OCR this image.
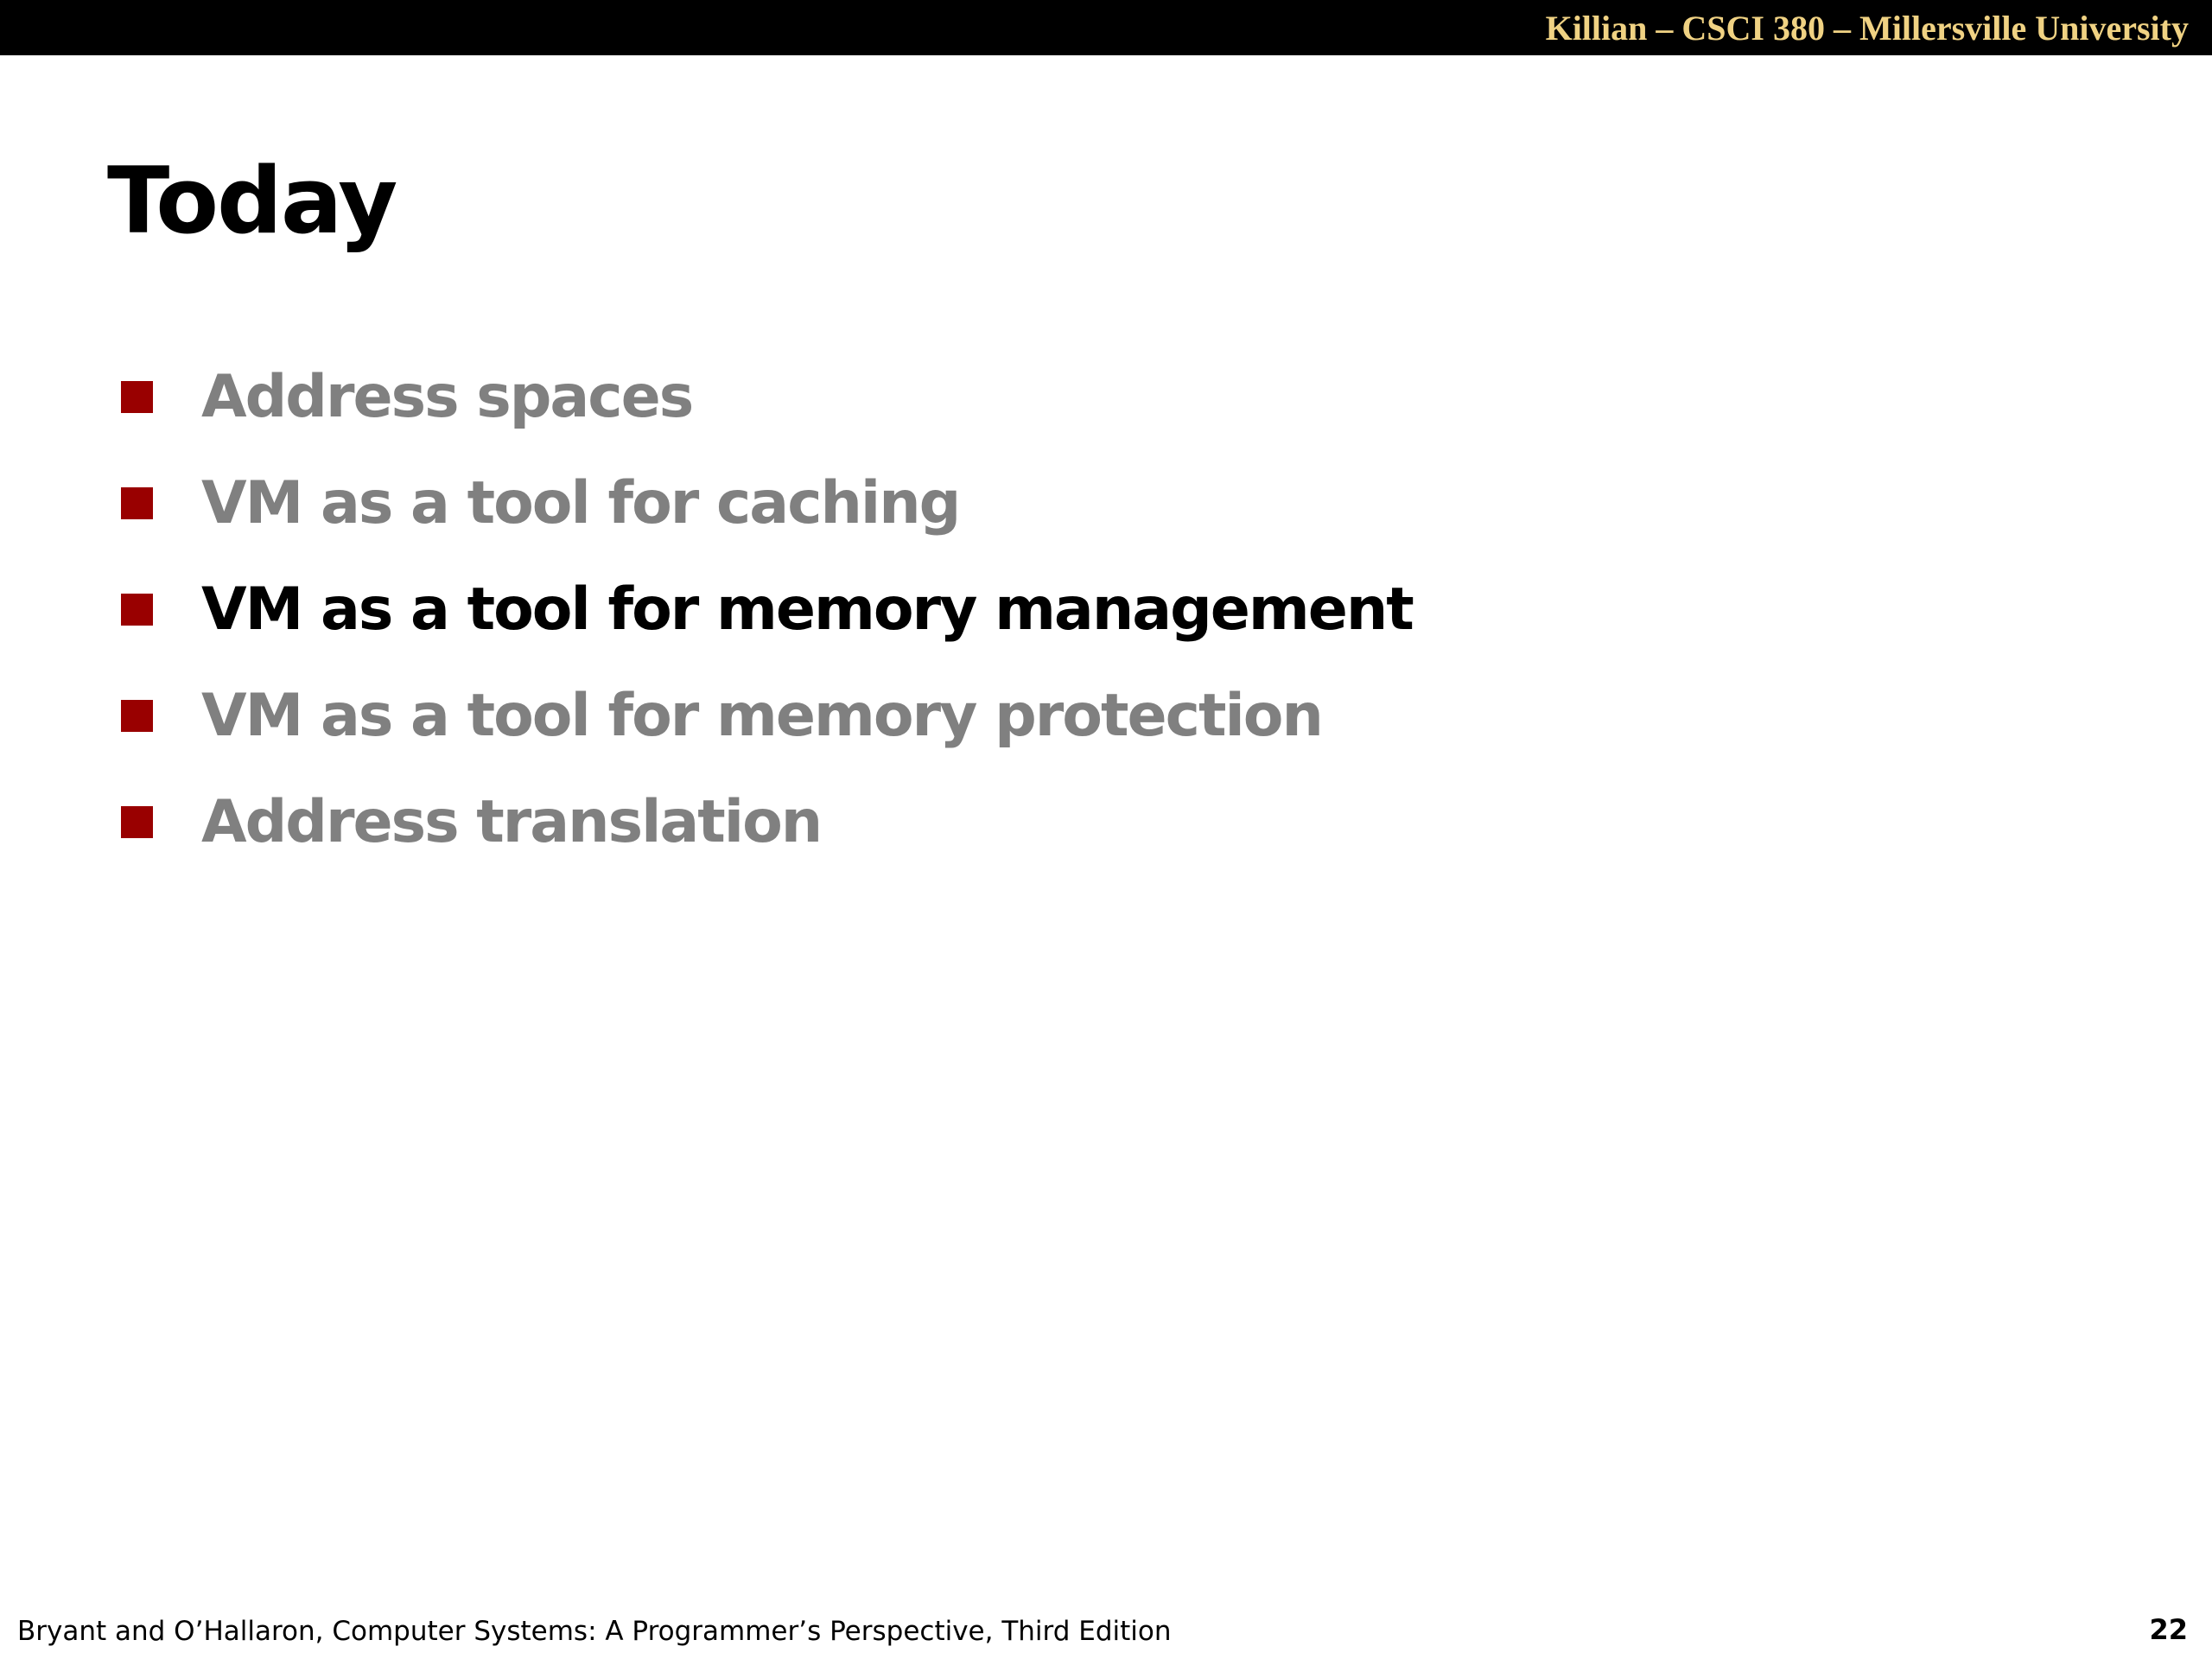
Killian – CSCI 380 – Millersville University
Today
Address spaces
VM as a tool for caching
VM as a tool for memory management
VM as a tool for memory protection
Address translation
Bryant and O’Hallaron, Computer Systems: A Programmer’s Perspective, Third Edition	22
